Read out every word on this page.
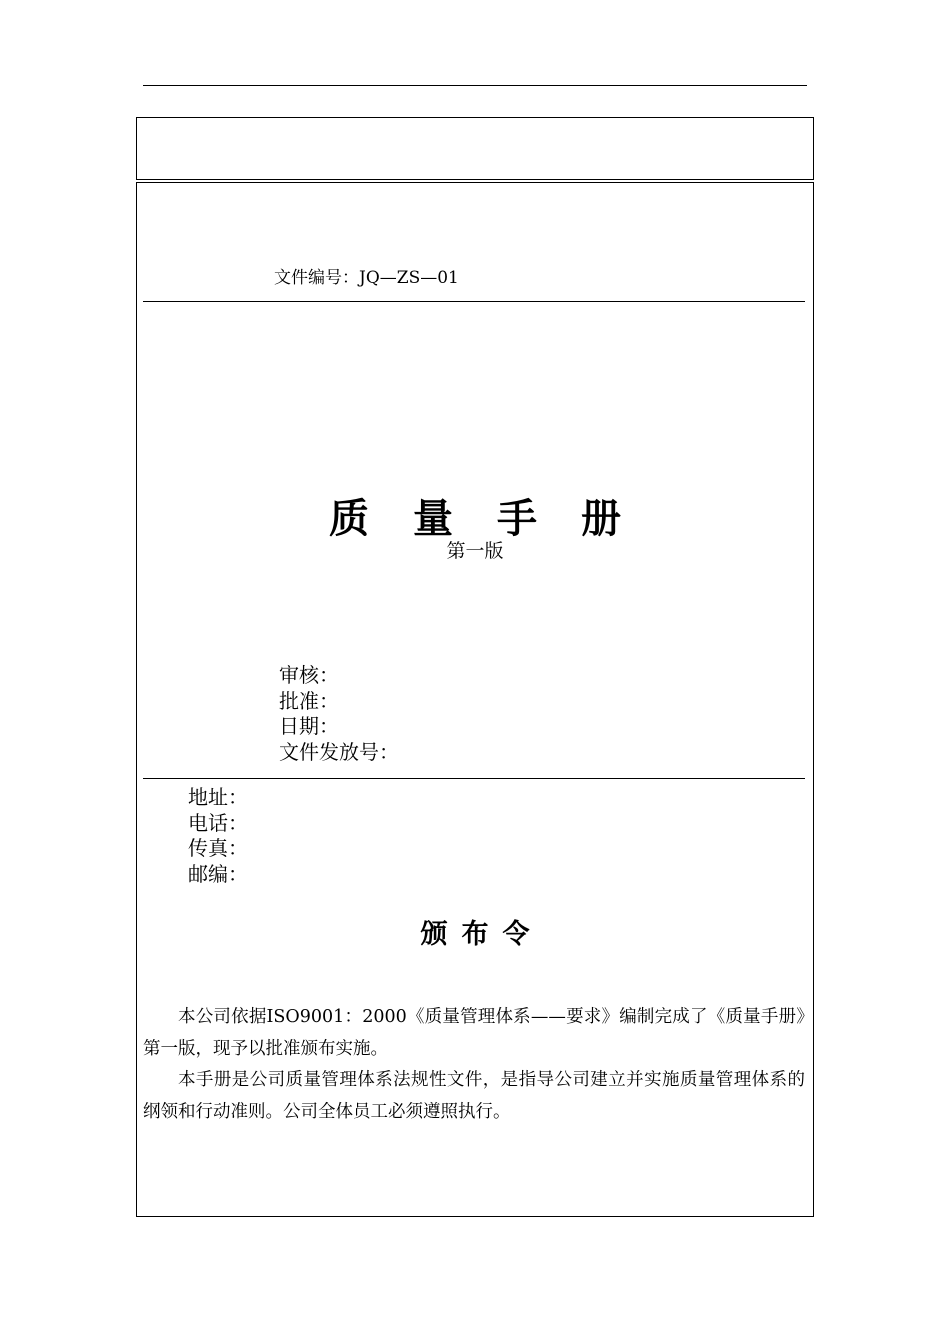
文件编号：JQ—ZS—01
质量手册
第一版
审核：
批准：
日期：
文件发放号：
地址：
电话：
传真：
邮编：
颁布令

本公司依据ISO9001：2000《质量管理体系——要求》编制完成了《质量手册》第一版，现予以批准颁布实施。

本手册是公司质量管理体系法规性文件，是指导公司建立并实施质量管理体系的纲领和行动准则。公司全体员工必须遵照执行。
